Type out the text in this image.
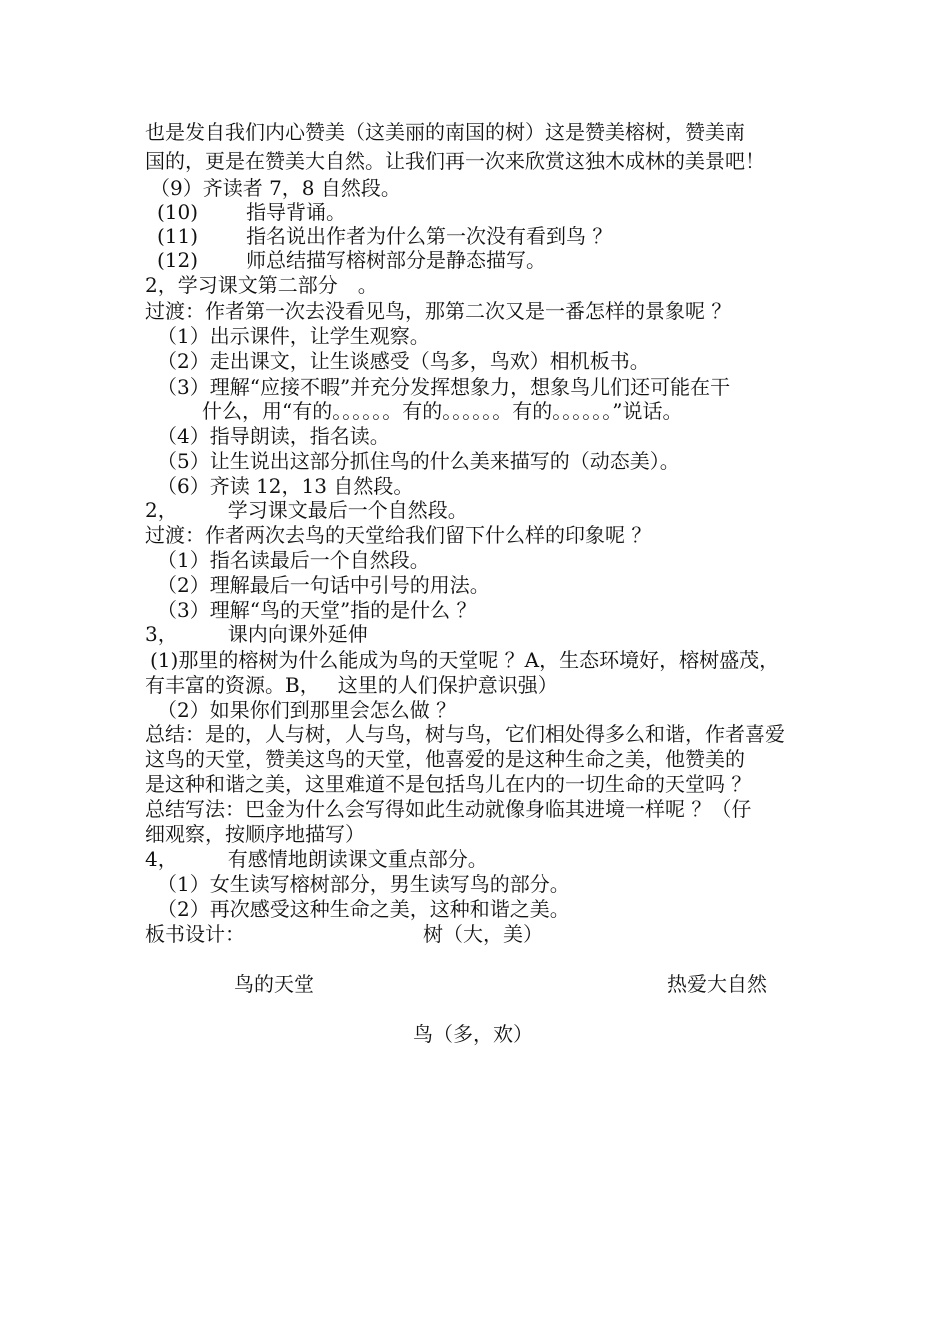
也是发自我们内心赞美（这美丽的南国的树）这是赞美榕树，赞美南
国的，更是在赞美大自然。让我们再一次来欣赏这独木成林的美景吧！
（9）齐读者 7，8 自然段。
(10) 指导背诵。
(11) 指名说出作者为什么第一次没有看到鸟 ？
(12) 师总结描写榕树部分是静态描写。
2，学习课文第二部分 。
过渡：作者第一次去没看见鸟，那第二次又是一番怎样的景象呢 ？
（1）出示课件，让学生观察。
（2）走出课文，让生谈感受（鸟多，鸟欢）相机板书。
（3）理解“应接不暇”并充分发挥想象力，想象鸟儿们还可能在干
什么，用“有的。。。。。。有的。。。。。。有的。。。。。。”说话。
（4）指导朗读，指名读。
（5）让生说出这部分抓住鸟的什么美来描写的（动态美）。
（6）齐读 12，13 自然段。
2，	学习课文最后一个自然段。
过渡：作者两次去鸟的天堂给我们留下什么样的印象呢 ？
（1）指名读最后一个自然段。
（2）理解最后一句话中引号的用法。
（3）理解“鸟的天堂”指的是什么 ？
3，	课内向课外延伸
(1)那里的榕树为什么能成为鸟的天堂呢 ？A，生态环境好，榕树盛茂，
有丰富的资源。B， 这里的人们保护意识强）
（2）如果你们到那里会怎么做 ？
总结：是的，人与树，人与鸟，树与鸟，它们相处得多么和谐，作者喜爱
这鸟的天堂，赞美这鸟的天堂，他喜爱的是这种生命之美，他赞美的
是这种和谐之美，这里难道不是包括鸟儿在内的一切生命的天堂吗 ？
总结写法：巴金为什么会写得如此生动就像身临其进境一样呢 ？（仔
细观察，按顺序地描写）
4，	有感情地朗读课文重点部分。
（1）女生读写榕树部分，男生读写鸟的部分。
（2）再次感受这种生命之美，这种和谐之美。
板书设计：	树（大，美）
鸟的天堂	热爱大自然
鸟（多，欢）
